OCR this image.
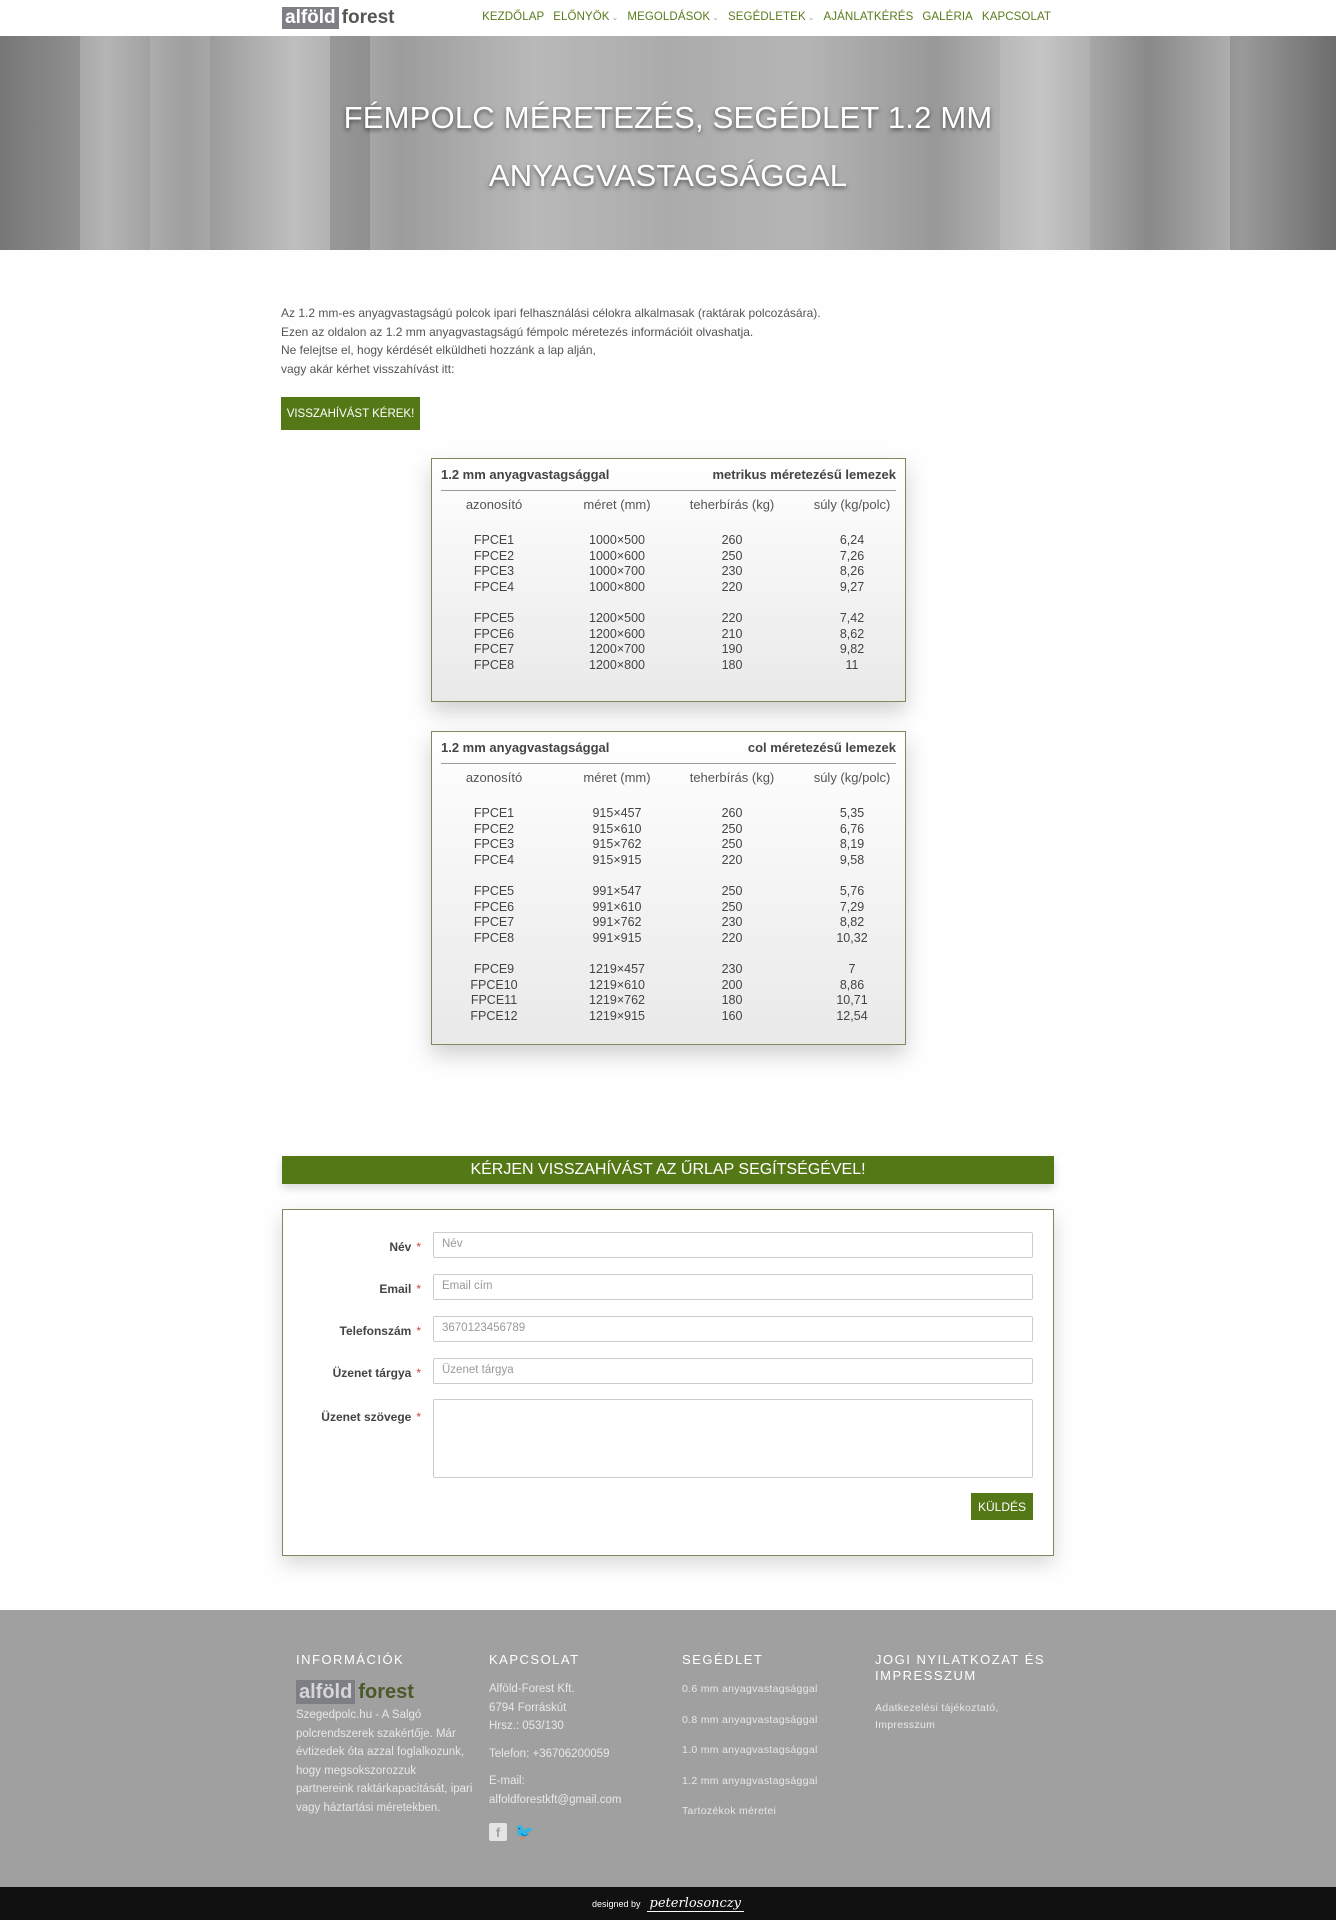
alföld forest	KEZDŐLAP ELŐNYÖK ⌄ MEGOLDÁSOK ⌄ SEGÉDLETEK ⌄ AJÁNLATKÉRÉS GALÉRIA KAPCSOLAT
FÉMPOLC MÉRETEZÉS, SEGÉDLET 1.2 MM
ANYAGVASTAGSÁGGAL
Az 1.2 mm-es anyagvastagságú polcok ipari felhasználási célokra alkalmasak (raktárak polcozására).
Ezen az oldalon az 1.2 mm anyagvastagságú fémpolc méretezés információit olvashatja.
Ne felejtse el, hogy kérdését elküldheti hozzánk a lap alján,
vagy akár kérhet visszahívást itt:
VISSZAHÍVÁST KÉREK!
1.2 mm anyagvastagsággal	metrikus méretezésű lemezek
azonosító	méret (mm)	teherbírás (kg)	súly (kg/polc)
FPCE1	1000×500	260	6,24
FPCE2	1000×600	250	7,26
FPCE3	1000×700	230	8,26
FPCE4	1000×800	220	9,27
FPCE5	1200×500	220	7,42
FPCE6	1200×600	210	8,62
FPCE7	1200×700	190	9,82
FPCE8	1200×800	180	11
1.2 mm anyagvastagsággal	col méretezésű lemezek
azonosító	méret (mm)	teherbírás (kg)	súly (kg/polc)
FPCE1	915×457	260	5,35
FPCE2	915×610	250	6,76
FPCE3	915×762	250	8,19
FPCE4	915×915	220	9,58
FPCE5	991×547	250	5,76
FPCE6	991×610	250	7,29
FPCE7	991×762	230	8,82
FPCE8	991×915	220	10,32
FPCE9	1219×457	230	7
FPCE10	1219×610	200	8,86
FPCE11	1219×762	180	10,71
FPCE12	1219×915	160	12,54
KÉRJEN VISSZAHÍVÁST AZ ŰRLAP SEGÍTSÉGÉVEL!
Üzenet szövege *
KÜLDÉS
Név *	Név
Email *	Email cím
Telefonszám *	3670123456789
Üzenet tárgya *	Üzenet tárgya
INFORMÁCIÓK
alföld forest

Szegedpolc.hu - A Salgó polcrendszerek szakértője. Már évtizedek óta azzal foglalkozunk, hogy megsokszorozzuk partnereink raktárkapacitását, ipari vagy háztartási méretekben.

KAPCSOLAT

Alföld-Forest Kft.

6794 Forráskút

Hrsz.: 053/130

Telefon: +36706200059

E-mail:

alfoldforestkft@gmail.com

f 🐦
SEGÉDLET
0.6 mm anyagvastagsággal
0.8 mm anyagvastagsággal
1.0 mm anyagvastagsággal
1.2 mm anyagvastagsággal
Tartozékok méretei
JOGI NYILATKOZAT ÉS IMPRESSZUM
Adatkezelési tájékoztató,
Impresszum
designed by peterlosonczy
